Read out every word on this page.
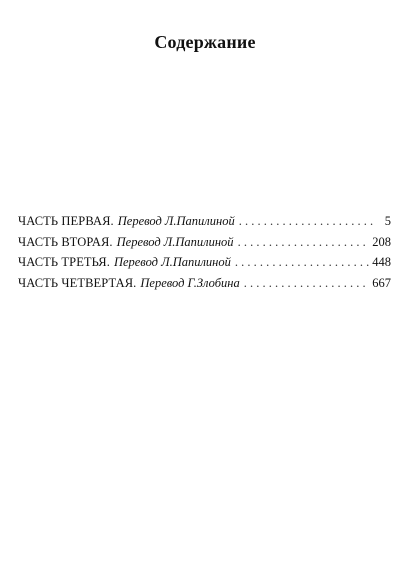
Содержание
ЧАСТЬ ПЕРВАЯ. Перевод Л.Папилиной . . .	5
ЧАСТЬ ВТОРАЯ. Перевод Л.Папилиной . . .	208
ЧАСТЬ ТРЕТЬЯ. Перевод Л.Папилиной . . .	448
ЧАСТЬ ЧЕТВЕРТАЯ. Перевод Г.Злобина . . .	667
